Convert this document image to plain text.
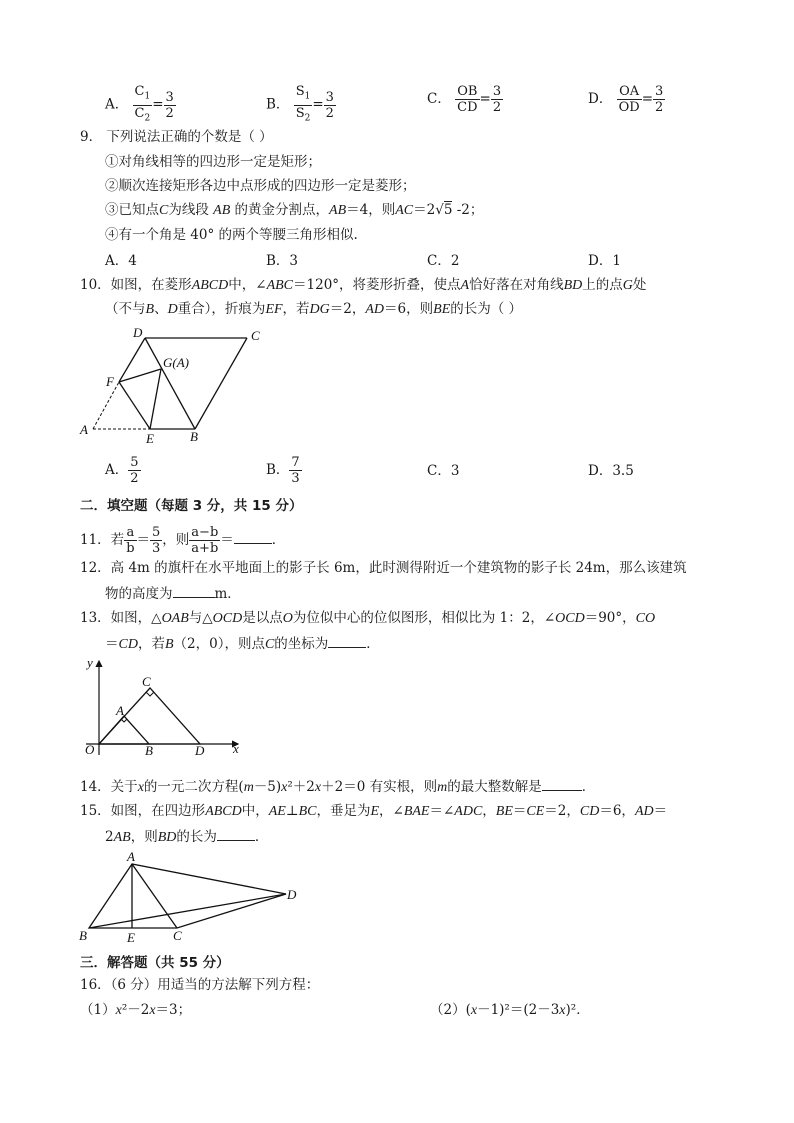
A． $\frac{C_1}{C_2} = \frac{3}{2}$	B． $\frac{S_1}{S_2} = \frac{3}{2}$	C． $\frac{OB}{CD} = \frac{3}{2}$	D． $\frac{OA}{OD} = \frac{3}{2}$
9． 下列说法正确的个数是（ ）
①对角线相等的四边形一定是矩形；
②顺次连接矩形各边中点形成的四边形一定是菱形；
③已知点C为线段 AB 的黄金分割点，AB＝4，则AC＝2√5 -2；
④有一个角是 40° 的两个等腰三角形相似.
A．4	B．3	C．2	D．1
10．如图，在菱形ABCD中，∠ABC＝120°，将菱形折叠，使点A恰好落在对角线BD上的点G处
（不与B、D重合），折痕为EF，若DG＝2，AD＝6，则BE的长为（ ）
D	C
G(A)
F
A
E	B
A． $\frac{5}{2}$	B． $\frac{7}{3}$	C．3	D．3.5
二．填空题（每题 3 分，共 15 分）
11．若 $\frac{a}{b} = \frac{5}{3}$ ，则 $\frac{a-b}{a+b}$ ＝	．
12．高 4m 的旗杆在水平地面上的影子长 6m，此时测得附近一个建筑物的影子长 24m，那么该建筑
物的高度为	m．
13．如图，△OAB与△OCD是以点O为位似中心的位似图形，相似比为 1：2，∠OCD＝90°，CO
＝CD，若B（2，0），则点C的坐标为	．
y
x
O
A
B
C
D
14．关于x的一元二次方程(m－5)x²＋2x＋2＝0 有实根，则m的最大整数解是	．
15．如图，在四边形ABCD中，AE⊥BC，垂足为E，∠BAE＝∠ADC，BE＝CE＝2，CD＝6，AD＝
2AB，则BD的长为	．
A
B	E	C
D
三．解答题（共 55 分）
16．（6 分）用适当的方法解下列方程：
（1）x²－2x＝3；	（2）(x－1)²＝(2－3x)²．
